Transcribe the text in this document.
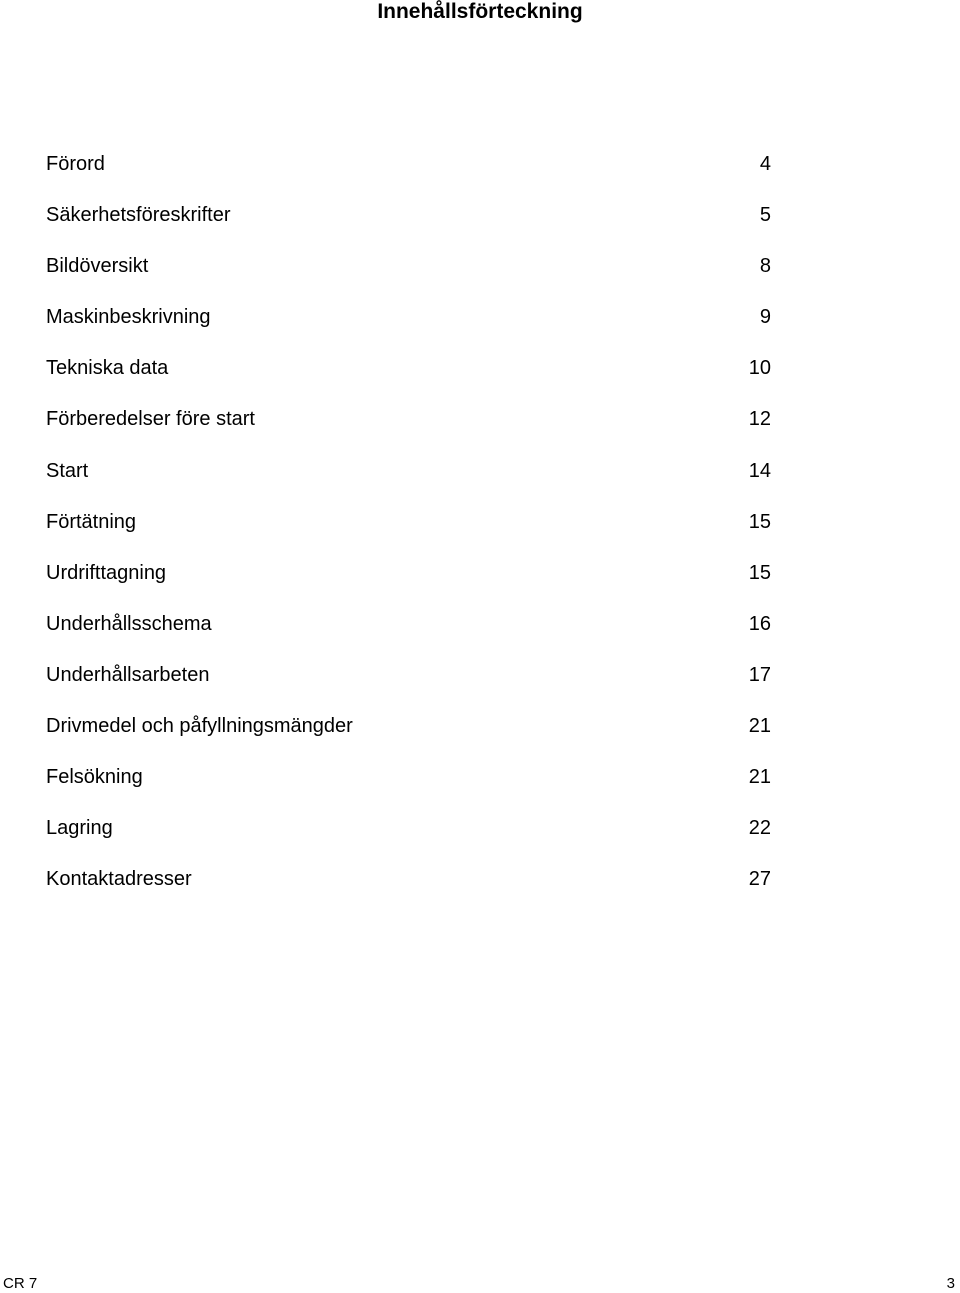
Innehållsförteckning
Förord	4
Säkerhetsföreskrifter	5
Bildöversikt	8
Maskinbeskrivning	9
Tekniska data	10
Förberedelser före start	12
Start	14
Förtätning	15
Urdrifttagning	15
Underhållsschema	16
Underhållsarbeten	17
Drivmedel och påfyllningsmängder	21
Felsökning	21
Lagring	22
Kontaktadresser	27
CR 7	3
